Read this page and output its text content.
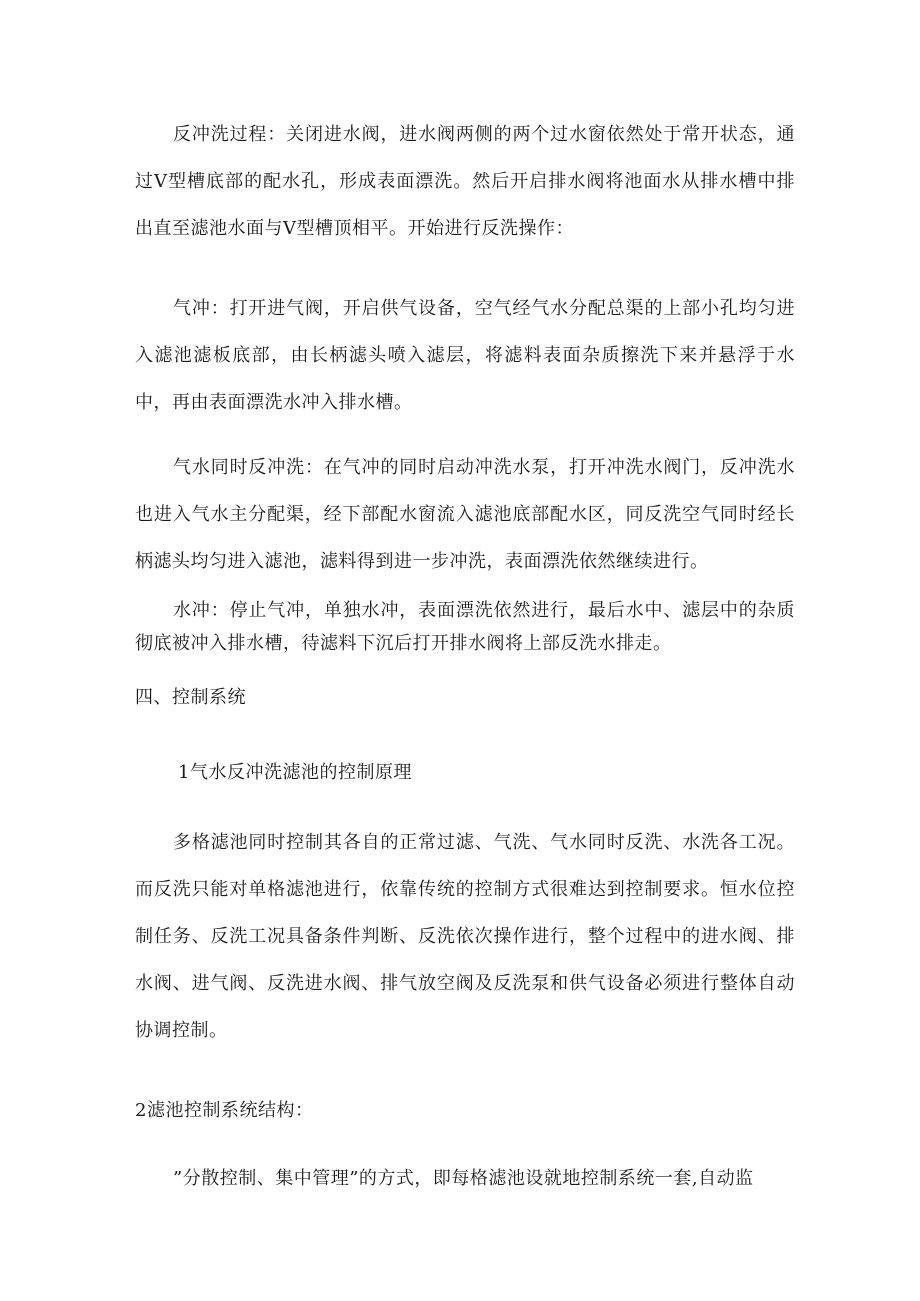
反冲洗过程：关闭进水阀，进水阀两侧的两个过水窗依然处于常开状态，通过V型槽底部的配水孔，形成表面漂洗。然后开启排水阀将池面水从排水槽中排出直至滤池水面与V型槽顶相平。开始进行反洗操作：

气冲：打开进气阀，开启供气设备，空气经气水分配总渠的上部小孔均匀进入滤池滤板底部，由长柄滤头喷入滤层，将滤料表面杂质擦洗下来并悬浮于水中，再由表面漂洗水冲入排水槽。

气水同时反冲洗：在气冲的同时启动冲洗水泵，打开冲洗水阀门，反冲洗水也进入气水主分配渠，经下部配水窗流入滤池底部配水区，同反洗空气同时经长柄滤头均匀进入滤池，滤料得到进一步冲洗，表面漂洗依然继续进行。

水冲：停止气冲，单独水冲，表面漂洗依然进行，最后水中、滤层中的杂质彻底被冲入排水槽，待滤料下沉后打开排水阀将上部反洗水排走。

四、控制系统
1气水反冲洗滤池的控制原理

多格滤池同时控制其各自的正常过滤、气洗、气水同时反洗、水洗各工况。而反洗只能对单格滤池进行，依靠传统的控制方式很难达到控制要求。恒水位控制任务、反洗工况具备条件判断、反洗依次操作进行，整个过程中的进水阀、排水阀、进气阀、反洗进水阀、排气放空阀及反洗泵和供气设备必须进行整体自动协调控制。

2滤池控制系统结构：

”分散控制、集中管理”的方式，即每格滤池设就地控制系统一套,自动监
